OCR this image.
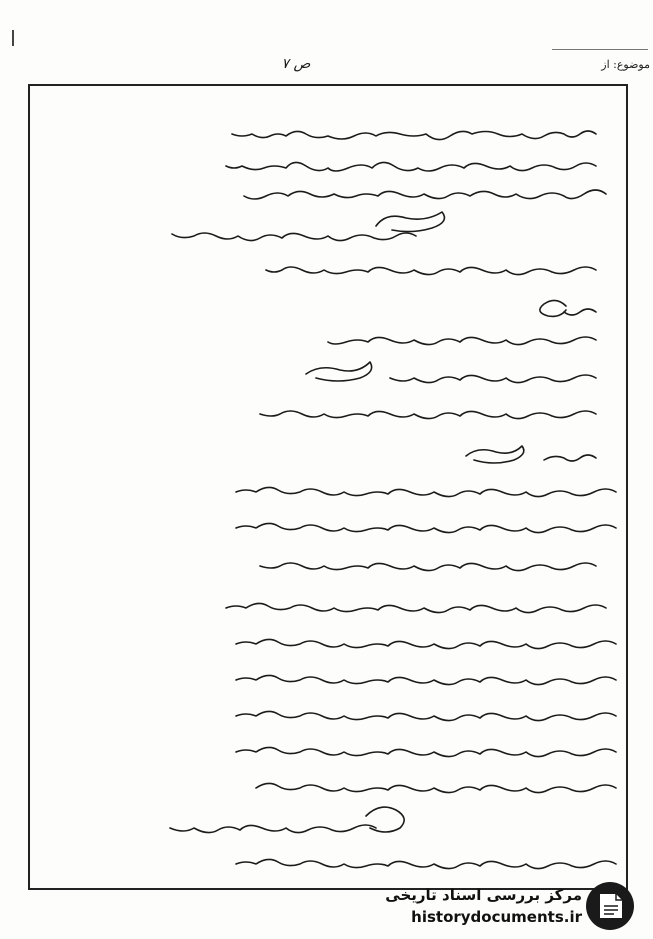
موضوع: از
ص ۷
مرکز بررسی اسناد تاریخی
historydocuments.ir
